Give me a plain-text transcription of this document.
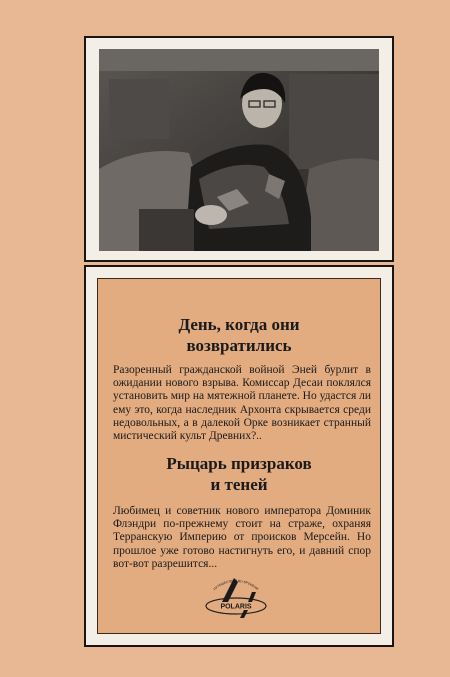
День, когда они
возвратились
Разоренный гражданской войной Эней бурлит в ожидании нового взрыва. Комиссар Десаи поклялся установить мир на мятежной планете. Но удастся ли ему это, когда наследник Архонта скрывается среди недовольных, а в далекой Орке возникает странный мистический культ Древних?..
Рыцарь призраков
и теней
Любимец и советник нового императора Доминик Флэндри по-прежнему стоит на страже, охраняя Терранскую Империю от происков Мерсейн. Но прошлое уже готово настигнуть его, и давний спор вот-вот разрешится...
ПУТЕШЕСТВИЯ ВО ВРЕМЕНИ
POLARIS
